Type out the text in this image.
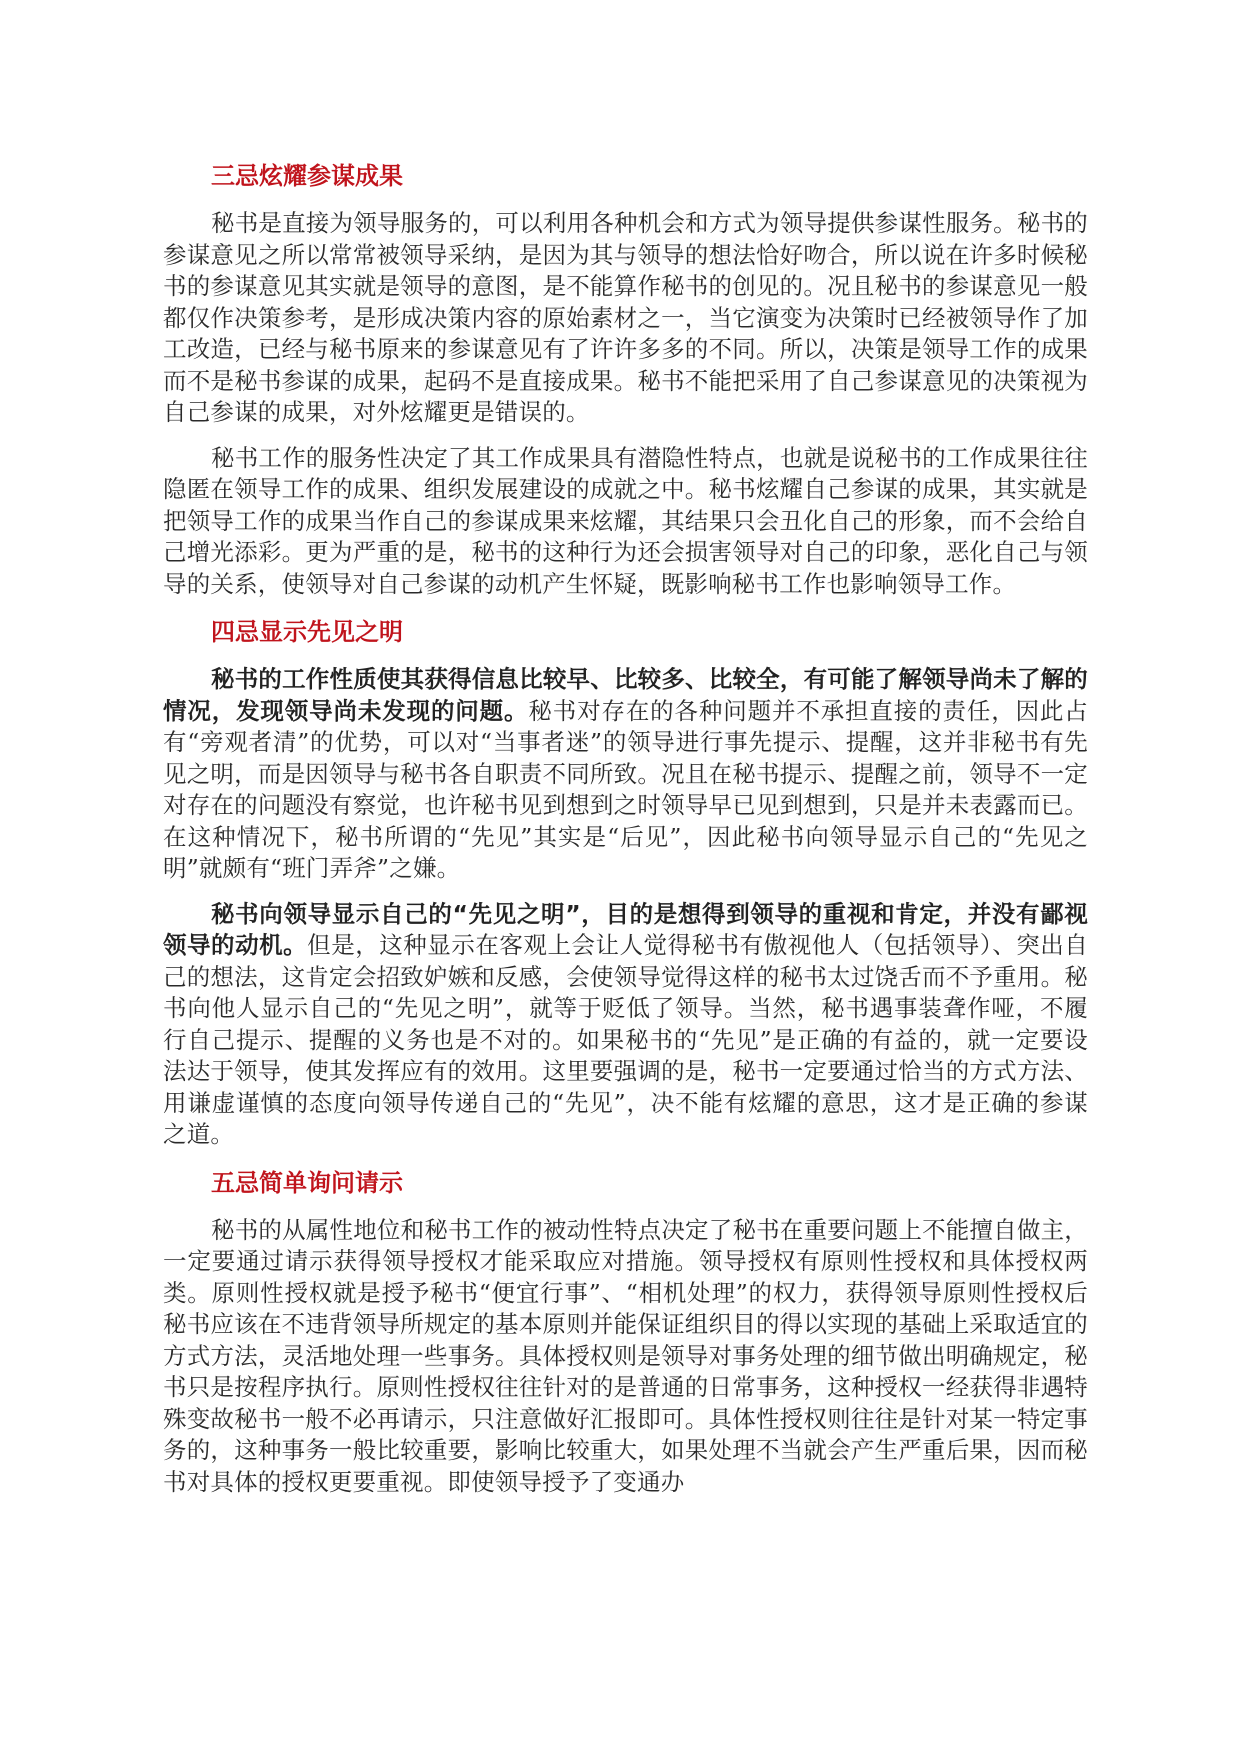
三忌炫耀参谋成果

秘书是直接为领导服务的，可以利用各种机会和方式为领导提供参谋性服务。秘书的参谋意见之所以常常被领导采纳，是因为其与领导的想法恰好吻合，所以说在许多时候秘书的参谋意见其实就是领导的意图，是不能算作秘书的创见的。况且秘书的参谋意见一般都仅作决策参考，是形成决策内容的原始素材之一，当它演变为决策时已经被领导作了加工改造，已经与秘书原来的参谋意见有了许许多多的不同。所以，决策是领导工作的成果而不是秘书参谋的成果，起码不是直接成果。秘书不能把采用了自己参谋意见的决策视为自己参谋的成果，对外炫耀更是错误的。

秘书工作的服务性决定了其工作成果具有潜隐性特点，也就是说秘书的工作成果往往隐匿在领导工作的成果、组织发展建设的成就之中。秘书炫耀自己参谋的成果，其实就是把领导工作的成果当作自己的参谋成果来炫耀，其结果只会丑化自己的形象，而不会给自己增光添彩。更为严重的是，秘书的这种行为还会损害领导对自己的印象，恶化自己与领导的关系，使领导对自己参谋的动机产生怀疑，既影响秘书工作也影响领导工作。

四忌显示先见之明

秘书的工作性质使其获得信息比较早、比较多、比较全，有可能了解领导尚未了解的情况，发现领导尚未发现的问题。秘书对存在的各种问题并不承担直接的责任，因此占有“旁观者清”的优势，可以对“当事者迷”的领导进行事先提示、提醒，这并非秘书有先见之明，而是因领导与秘书各自职责不同所致。况且在秘书提示、提醒之前，领导不一定对存在的问题没有察觉，也许秘书见到想到之时领导早已见到想到，只是并未表露而已。在这种情况下，秘书所谓的“先见”其实是“后见”，因此秘书向领导显示自己的“先见之明”就颇有“班门弄斧”之嫌。

秘书向领导显示自己的“先见之明”，目的是想得到领导的重视和肯定，并没有鄙视领导的动机。但是，这种显示在客观上会让人觉得秘书有傲视他人（包括领导）、突出自己的想法，这肯定会招致妒嫉和反感，会使领导觉得这样的秘书太过饶舌而不予重用。秘书向他人显示自己的“先见之明”，就等于贬低了领导。当然，秘书遇事装聋作哑，不履行自己提示、提醒的义务也是不对的。如果秘书的“先见”是正确的有益的，就一定要设法达于领导，使其发挥应有的效用。这里要强调的是，秘书一定要通过恰当的方式方法、用谦虚谨慎的态度向领导传递自己的“先见”，决不能有炫耀的意思，这才是正确的参谋之道。

五忌简单询问请示

秘书的从属性地位和秘书工作的被动性特点决定了秘书在重要问题上不能擅自做主，一定要通过请示获得领导授权才能采取应对措施。领导授权有原则性授权和具体授权两类。原则性授权就是授予秘书“便宜行事”、“相机处理”的权力，获得领导原则性授权后秘书应该在不违背领导所规定的基本原则并能保证组织目的得以实现的基础上采取适宜的方式方法，灵活地处理一些事务。具体授权则是领导对事务处理的细节做出明确规定，秘书只是按程序执行。原则性授权往往针对的是普通的日常事务，这种授权一经获得非遇特殊变故秘书一般不必再请示，只注意做好汇报即可。具体性授权则往往是针对某一特定事务的，这种事务一般比较重要，影响比较重大，如果处理不当就会产生严重后果，因而秘书对具体的授权更要重视。即使领导授予了变通办
